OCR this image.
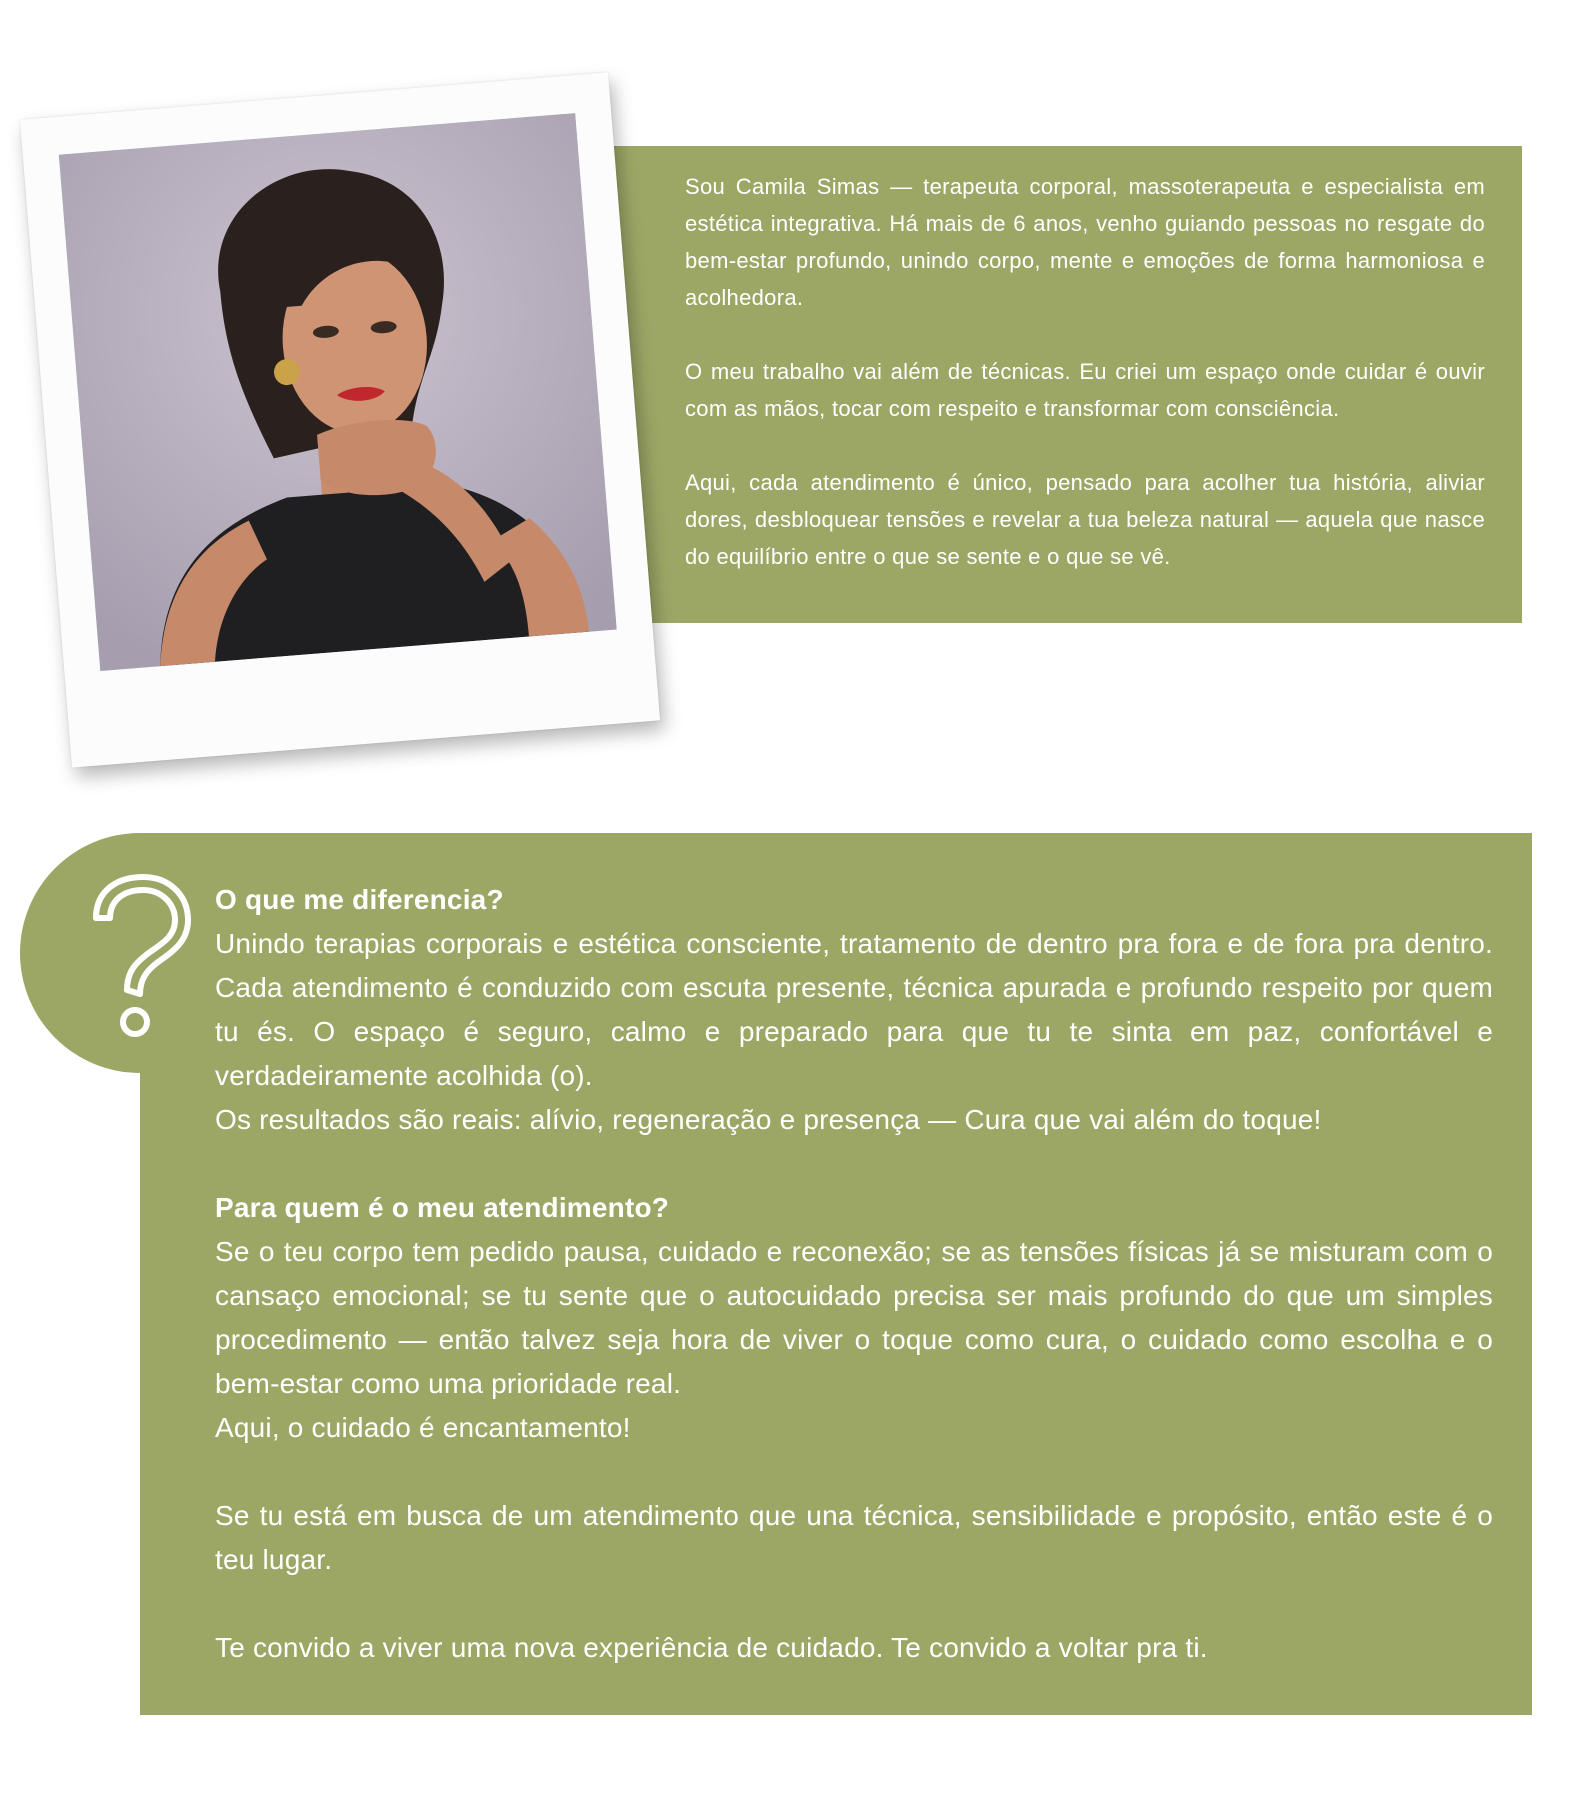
Sou Camila Simas — terapeuta corporal, massoterapeuta e especialista em estética integrativa. Há mais de 6 anos, venho guiando pessoas no resgate do bem-estar profundo, unindo corpo, mente e emoções de forma harmoniosa e acolhedora.

O meu trabalho vai além de técnicas. Eu criei um espaço onde cuidar é ouvir com as mãos, tocar com respeito e transformar com consciência.

Aqui, cada atendimento é único, pensado para acolher tua história, aliviar dores, desbloquear tensões e revelar a tua beleza natural — aquela que nasce do equilíbrio entre o que se sente e o que se vê.

O que me diferencia?
Unindo terapias corporais e estética consciente, tratamento de dentro pra fora e de fora pra dentro. Cada atendimento é conduzido com escuta presente, técnica apurada e profundo respeito por quem tu és. O espaço é seguro, calmo e preparado para que tu te sinta em paz, confortável e verdadeiramente acolhida (o).
Os resultados são reais: alívio, regeneração e presença — Cura que vai além do toque!

Para quem é o meu atendimento?
Se o teu corpo tem pedido pausa, cuidado e reconexão; se as tensões físicas já se misturam com o cansaço emocional; se tu sente que o autocuidado precisa ser mais profundo do que um simples procedimento — então talvez seja hora de viver o toque como cura, o cuidado como escolha e o bem-estar como uma prioridade real.
Aqui, o cuidado é encantamento!

Se tu está em busca de um atendimento que una técnica, sensibilidade e propósito, então este é o teu lugar.

Te convido a viver uma nova experiência de cuidado. Te convido a voltar pra ti.
